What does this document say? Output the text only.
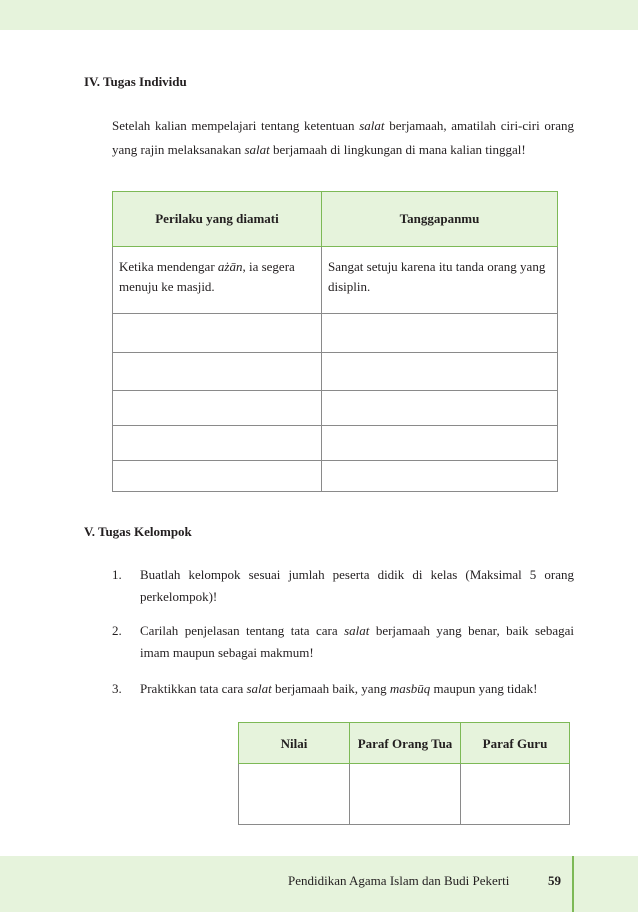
IV. Tugas Individu
Setelah kalian mempelajari tentang ketentuan salat berjamaah, amatilah ciri-ciri orang yang rajin melaksanakan salat berjamaah di lingkungan di mana kalian tinggal!
Perilaku yang diamati	Tanggapanmu
Ketika mendengar ażān, ia segera menuju ke masjid.	Sangat setuju karena itu tanda orang yang disiplin.

V. Tugas Kelompok
1. Buatlah kelompok sesuai jumlah peserta didik di kelas (Maksimal 5 orang perkelompok)!
2. Carilah penjelasan tentang tata cara salat berjamaah yang benar, baik sebagai imam maupun sebagai makmum!
3. Praktikkan tata cara salat berjamaah baik, yang masbūq maupun yang tidak!
Nilai	Paraf Orang Tua	Paraf Guru

Pendidikan Agama Islam dan Budi Pekerti	59
